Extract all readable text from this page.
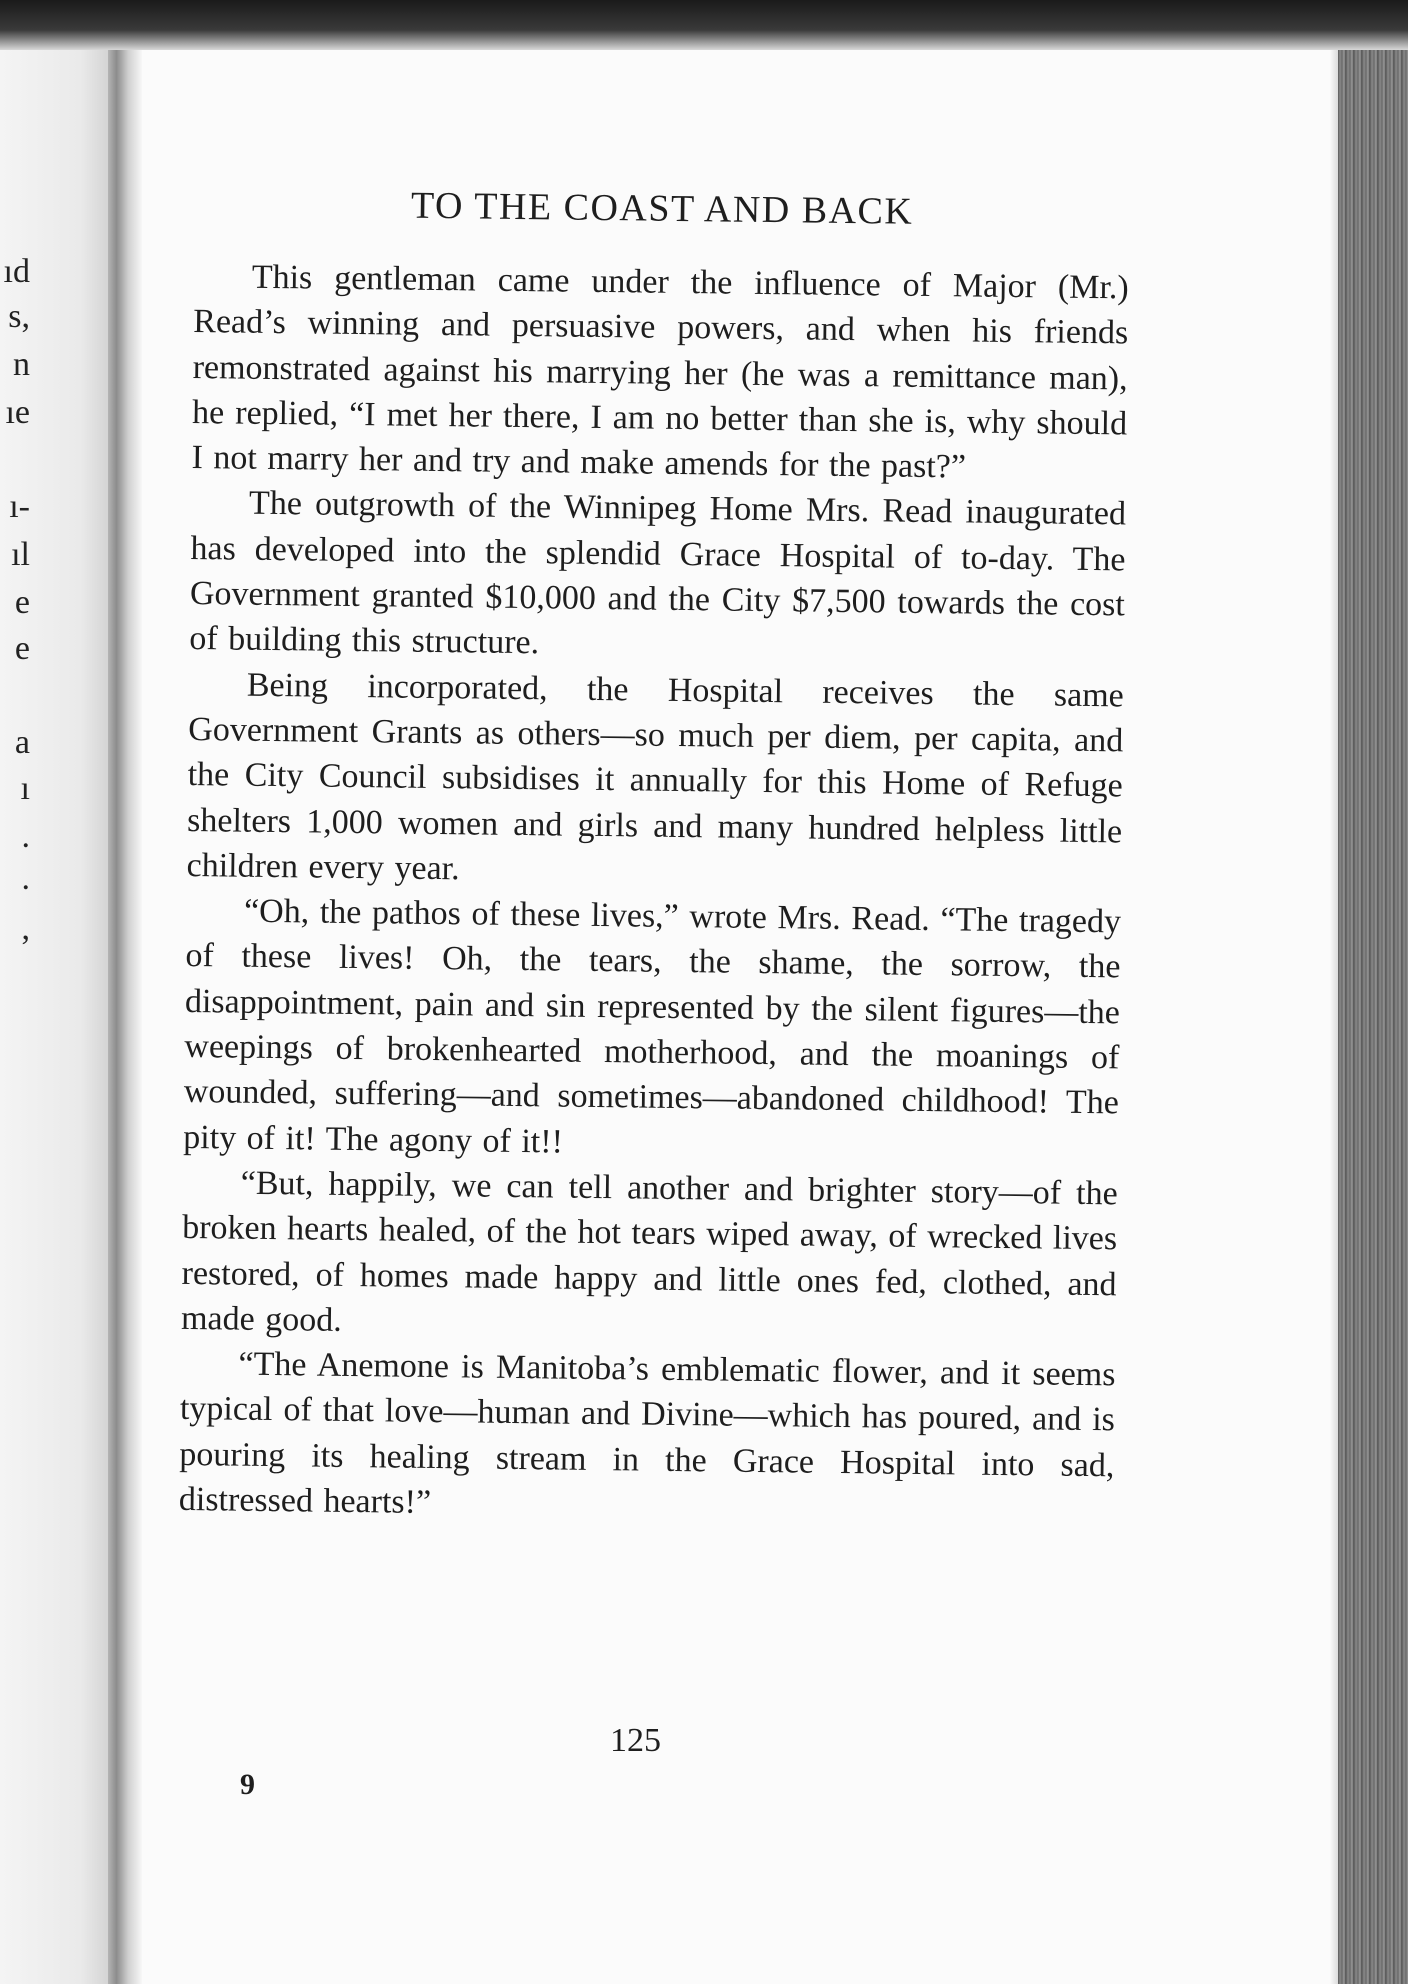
ıd
s,
n
ıe
ı-
ıl
e
e
a
ı
.
.
,
TO THE COAST AND BACK

This gentleman came under the influence of Major (Mr.) Read’s winning and persuasive powers, and when his friends remonstrated against his marrying her (he was a remittance man), he replied, “I met her there, I am no better than she is, why should I not marry her and try and make amends for the past?”

The outgrowth of the Winnipeg Home Mrs. Read inaugurated has developed into the splendid Grace Hospital of to-day. The Government granted $10,000 and the City $7,500 towards the cost of building this structure.

Being incorporated, the Hospital receives the same Government Grants as others—so much per diem, per capita, and the City Council subsidises it annually for this Home of Refuge shelters 1,000 women and girls and many hundred helpless little children every year.

“Oh, the pathos of these lives,” wrote Mrs. Read. “The tragedy of these lives! Oh, the tears, the shame, the sorrow, the disappointment, pain and sin represented by the silent figures—the weepings of brokenhearted motherhood, and the moanings of wounded, suffering—and sometimes—abandoned childhood! The pity of it! The agony of it!!

“But, happily, we can tell another and brighter story—of the broken hearts healed, of the hot tears wiped away, of wrecked lives restored, of homes made happy and little ones fed, clothed, and made good.

“The Anemone is Manitoba’s emblematic flower, and it seems typical of that love—human and Divine—which has poured, and is pouring its healing stream in the Grace Hospital into sad, distressed hearts!”

125
9
